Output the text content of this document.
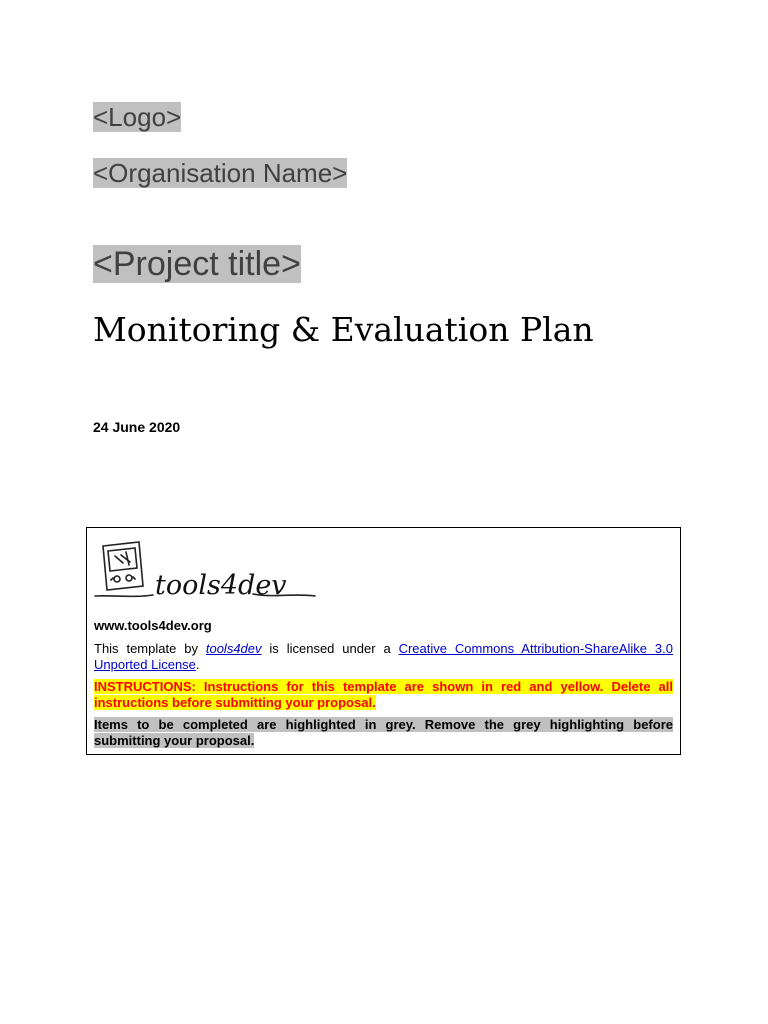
<Logo>
<Organisation Name>
<Project title>
Monitoring & Evaluation Plan
24 June 2020
tools4dev
www.tools4dev.org
This template by tools4dev is licensed under a Creative Commons Attribution-ShareAlike 3.0 Unported License.
INSTRUCTIONS: Instructions for this template are shown in red and yellow. Delete all instructions before submitting your proposal.
Items to be completed are highlighted in grey. Remove the grey highlighting before submitting your proposal.
